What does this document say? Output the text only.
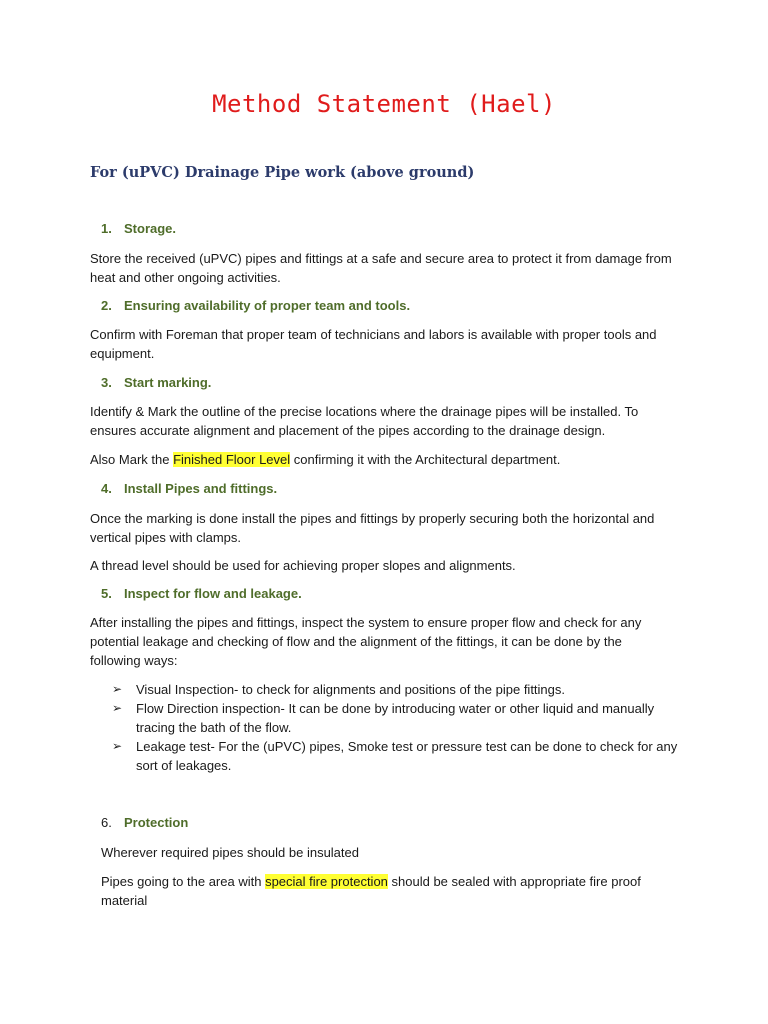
Method Statement (Hael)
For (uPVC) Drainage Pipe work (above ground)
1. Storage.

Store the received (uPVC) pipes and fittings at a safe and secure area to protect it from damage from heat and other ongoing activities.

2. Ensuring availability of proper team and tools.

Confirm with Foreman that proper team of technicians and labors is available with proper tools and equipment.

3. Start marking.

Identify & Mark the outline of the precise locations where the drainage pipes will be installed. To ensures accurate alignment and placement of the pipes according to the drainage design.

Also Mark the Finished Floor Level confirming it with the Architectural department.

4. Install Pipes and fittings.

Once the marking is done install the pipes and fittings by properly securing both the horizontal and vertical pipes with clamps.

A thread level should be used for achieving proper slopes and alignments.

5. Inspect for flow and leakage.

After installing the pipes and fittings, inspect the system to ensure proper flow and check for any potential leakage and checking of flow and the alignment of the fittings, it can be done by the following ways:

➢ Visual Inspection- to check for alignments and positions of the pipe fittings.
➢ Flow Direction inspection- It can be done by introducing water or other liquid and manually tracing the bath of the flow.
➢ Leakage test- For the (uPVC) pipes, Smoke test or pressure test can be done to check for any sort of leakages.
6. Protection

Wherever required pipes should be insulated

Pipes going to the area with special fire protection should be sealed with appropriate fire proof material
